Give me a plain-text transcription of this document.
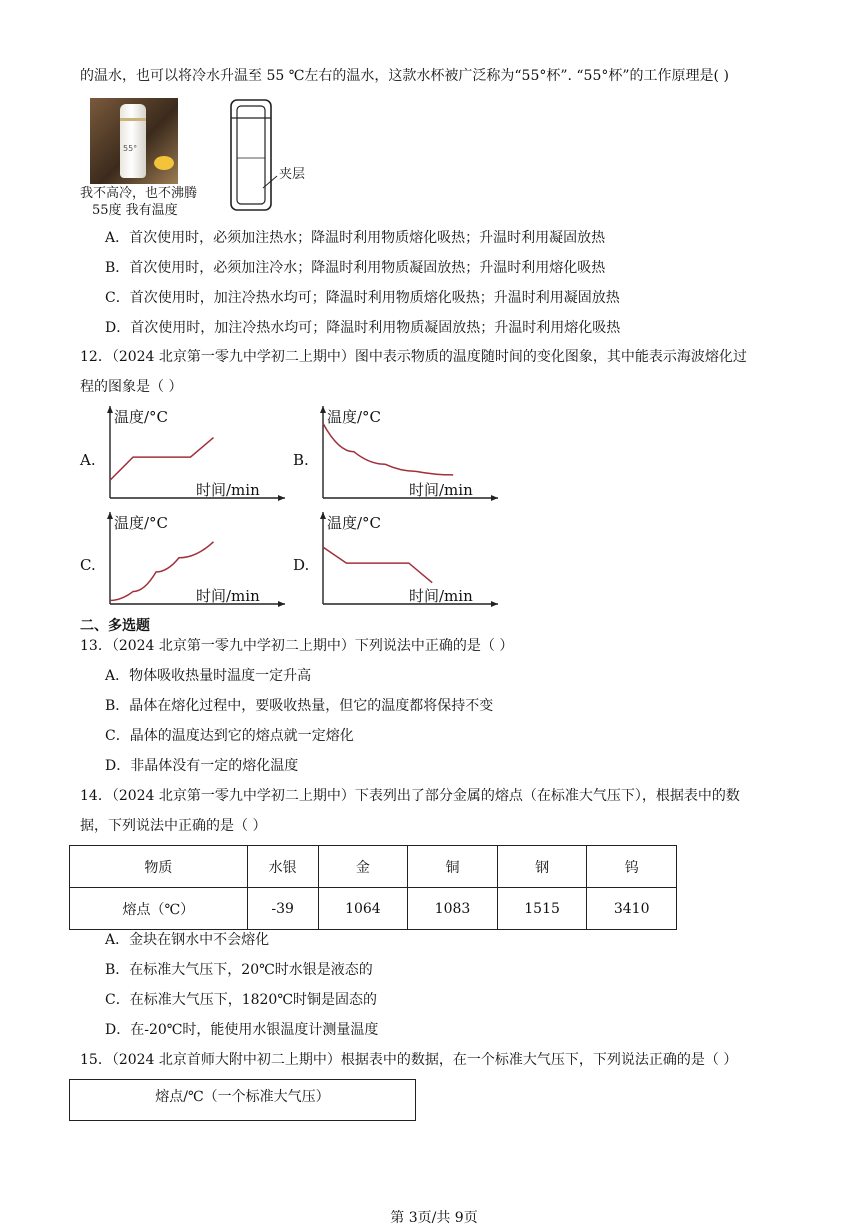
的温水，也可以将冷水升温至 55 ℃左右的温水，这款水杯被广泛称为“55°杯”. “55°杯”的工作原理是( )
55°
我不高冷，也不沸腾
55度 我有温度
夹层
A．首次使用时，必须加注热水；降温时利用物质熔化吸热；升温时利用凝固放热
B．首次使用时，必须加注冷水；降温时利用物质凝固放热；升温时利用熔化吸热
C．首次使用时，加注冷热水均可；降温时利用物质熔化吸热；升温时利用凝固放热
D．首次使用时，加注冷热水均可；降温时利用物质凝固放热；升温时利用熔化吸热
12．（2024 北京第一零九中学初二上期中）图中表示物质的温度随时间的变化图象，其中能表示海波熔化过
程的图象是（ ）
A.	B.
C.	D.
温度/°C
时间/min
温度/°C
时间/min
温度/°C
时间/min
温度/°C
时间/min
二、多选题
13．（2024 北京第一零九中学初二上期中）下列说法中正确的是（ ）
A．物体吸收热量时温度一定升高
B．晶体在熔化过程中，要吸收热量，但它的温度都将保持不变
C．晶体的温度达到它的熔点就一定熔化
D．非晶体没有一定的熔化温度
14．（2024 北京第一零九中学初二上期中）下表列出了部分金属的熔点（在标准大气压下），根据表中的数
据，下列说法中正确的是（ ）
物质	水银	金	铜	钢	钨
熔点（℃）	-39	1064	1083	1515	3410
A．金块在钢水中不会熔化
B．在标准大气压下，20℃时水银是液态的
C．在标准大气压下，1820℃时铜是固态的
D．在-20℃时，能使用水银温度计测量温度
15．（2024 北京首师大附中初二上期中）根据表中的数据，在一个标准大气压下，下列说法正确的是（ ）
熔点/℃（一个标准大气压）
第 3页/共 9页
